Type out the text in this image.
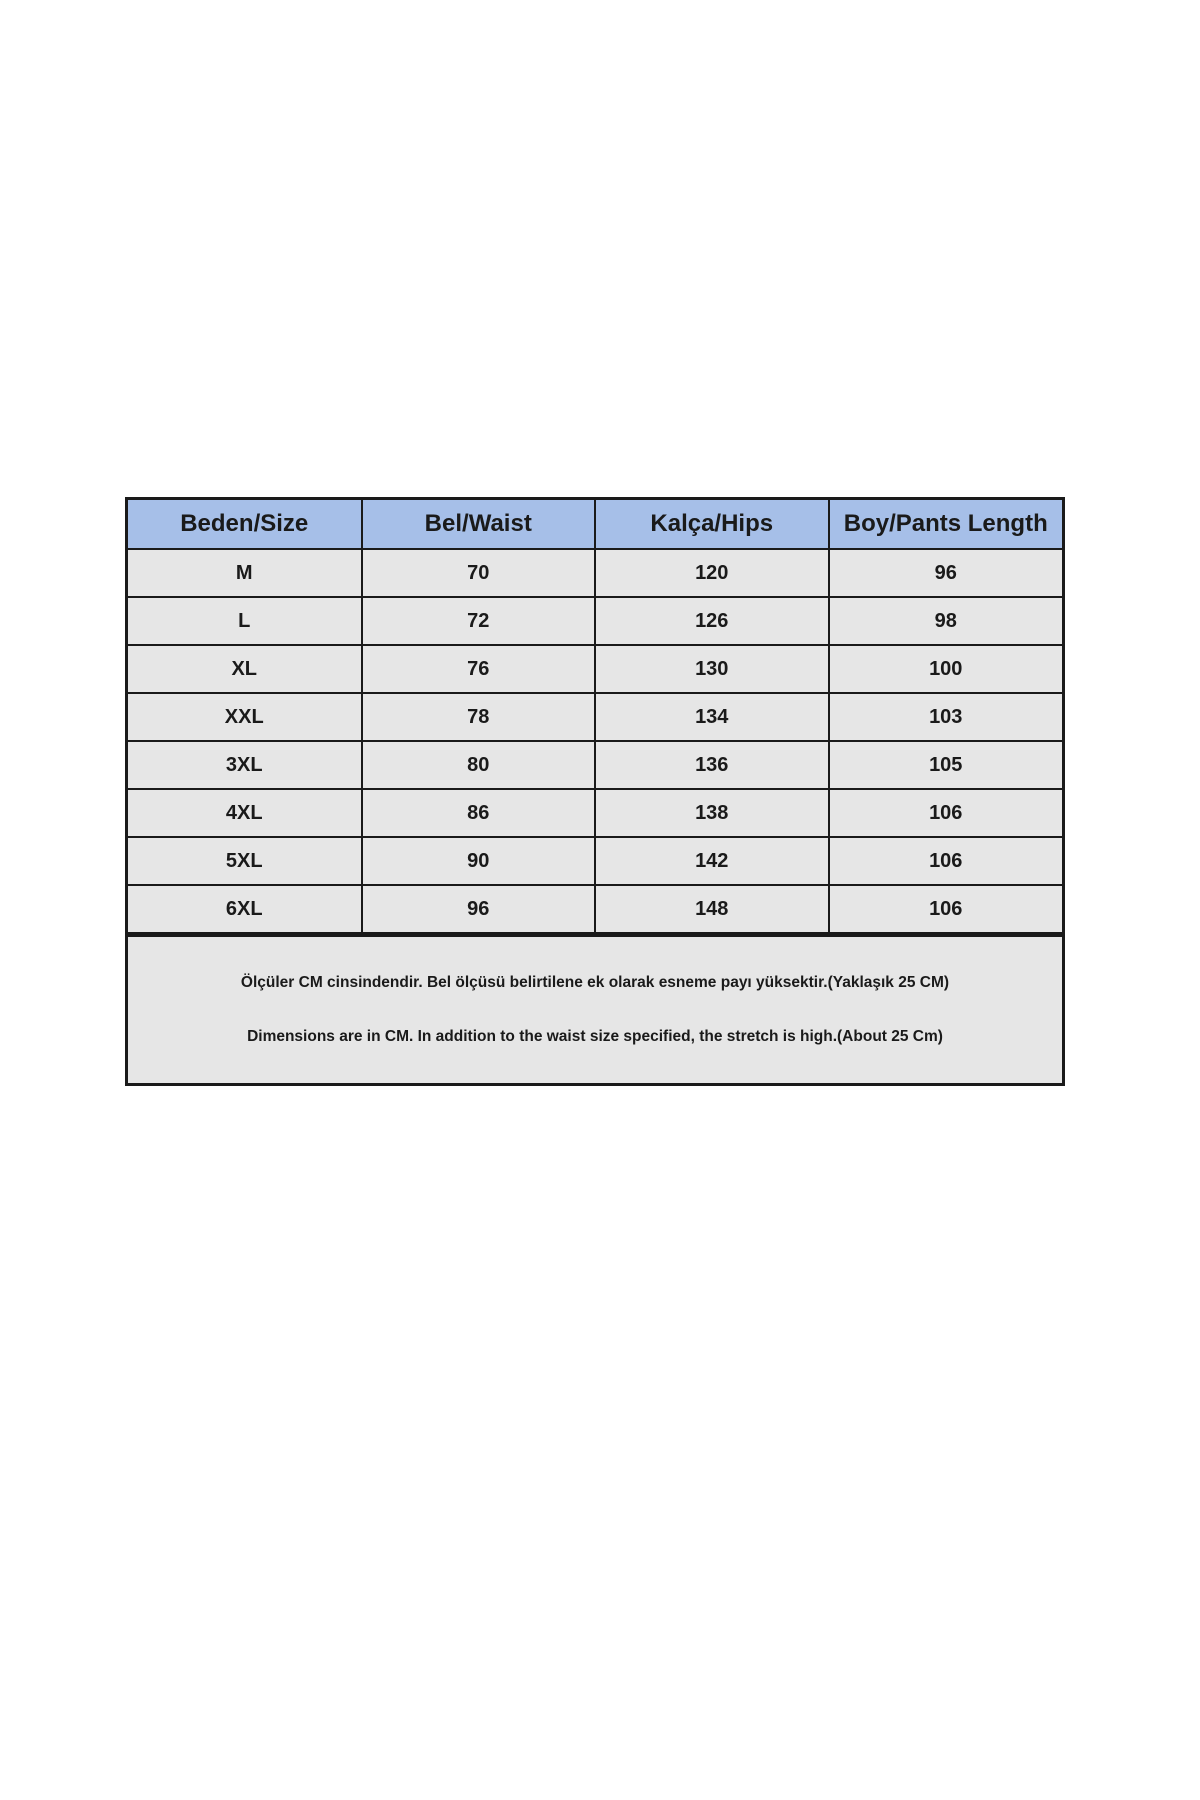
Beden/Size	Bel/Waist	Kalça/Hips	Boy/Pants Length
M	70	120	96
L	72	126	98
XL	76	130	100
XXL	78	134	103
3XL	80	136	105
4XL	86	138	106
5XL	90	142	106
6XL	96	148	106

Ölçüler CM cinsindendir. Bel ölçüsü belirtilene ek olarak esneme payı yüksektir.(Yaklaşık 25 CM)

Dimensions are in CM. In addition to the waist size specified, the stretch is high.(About 25 Cm)
